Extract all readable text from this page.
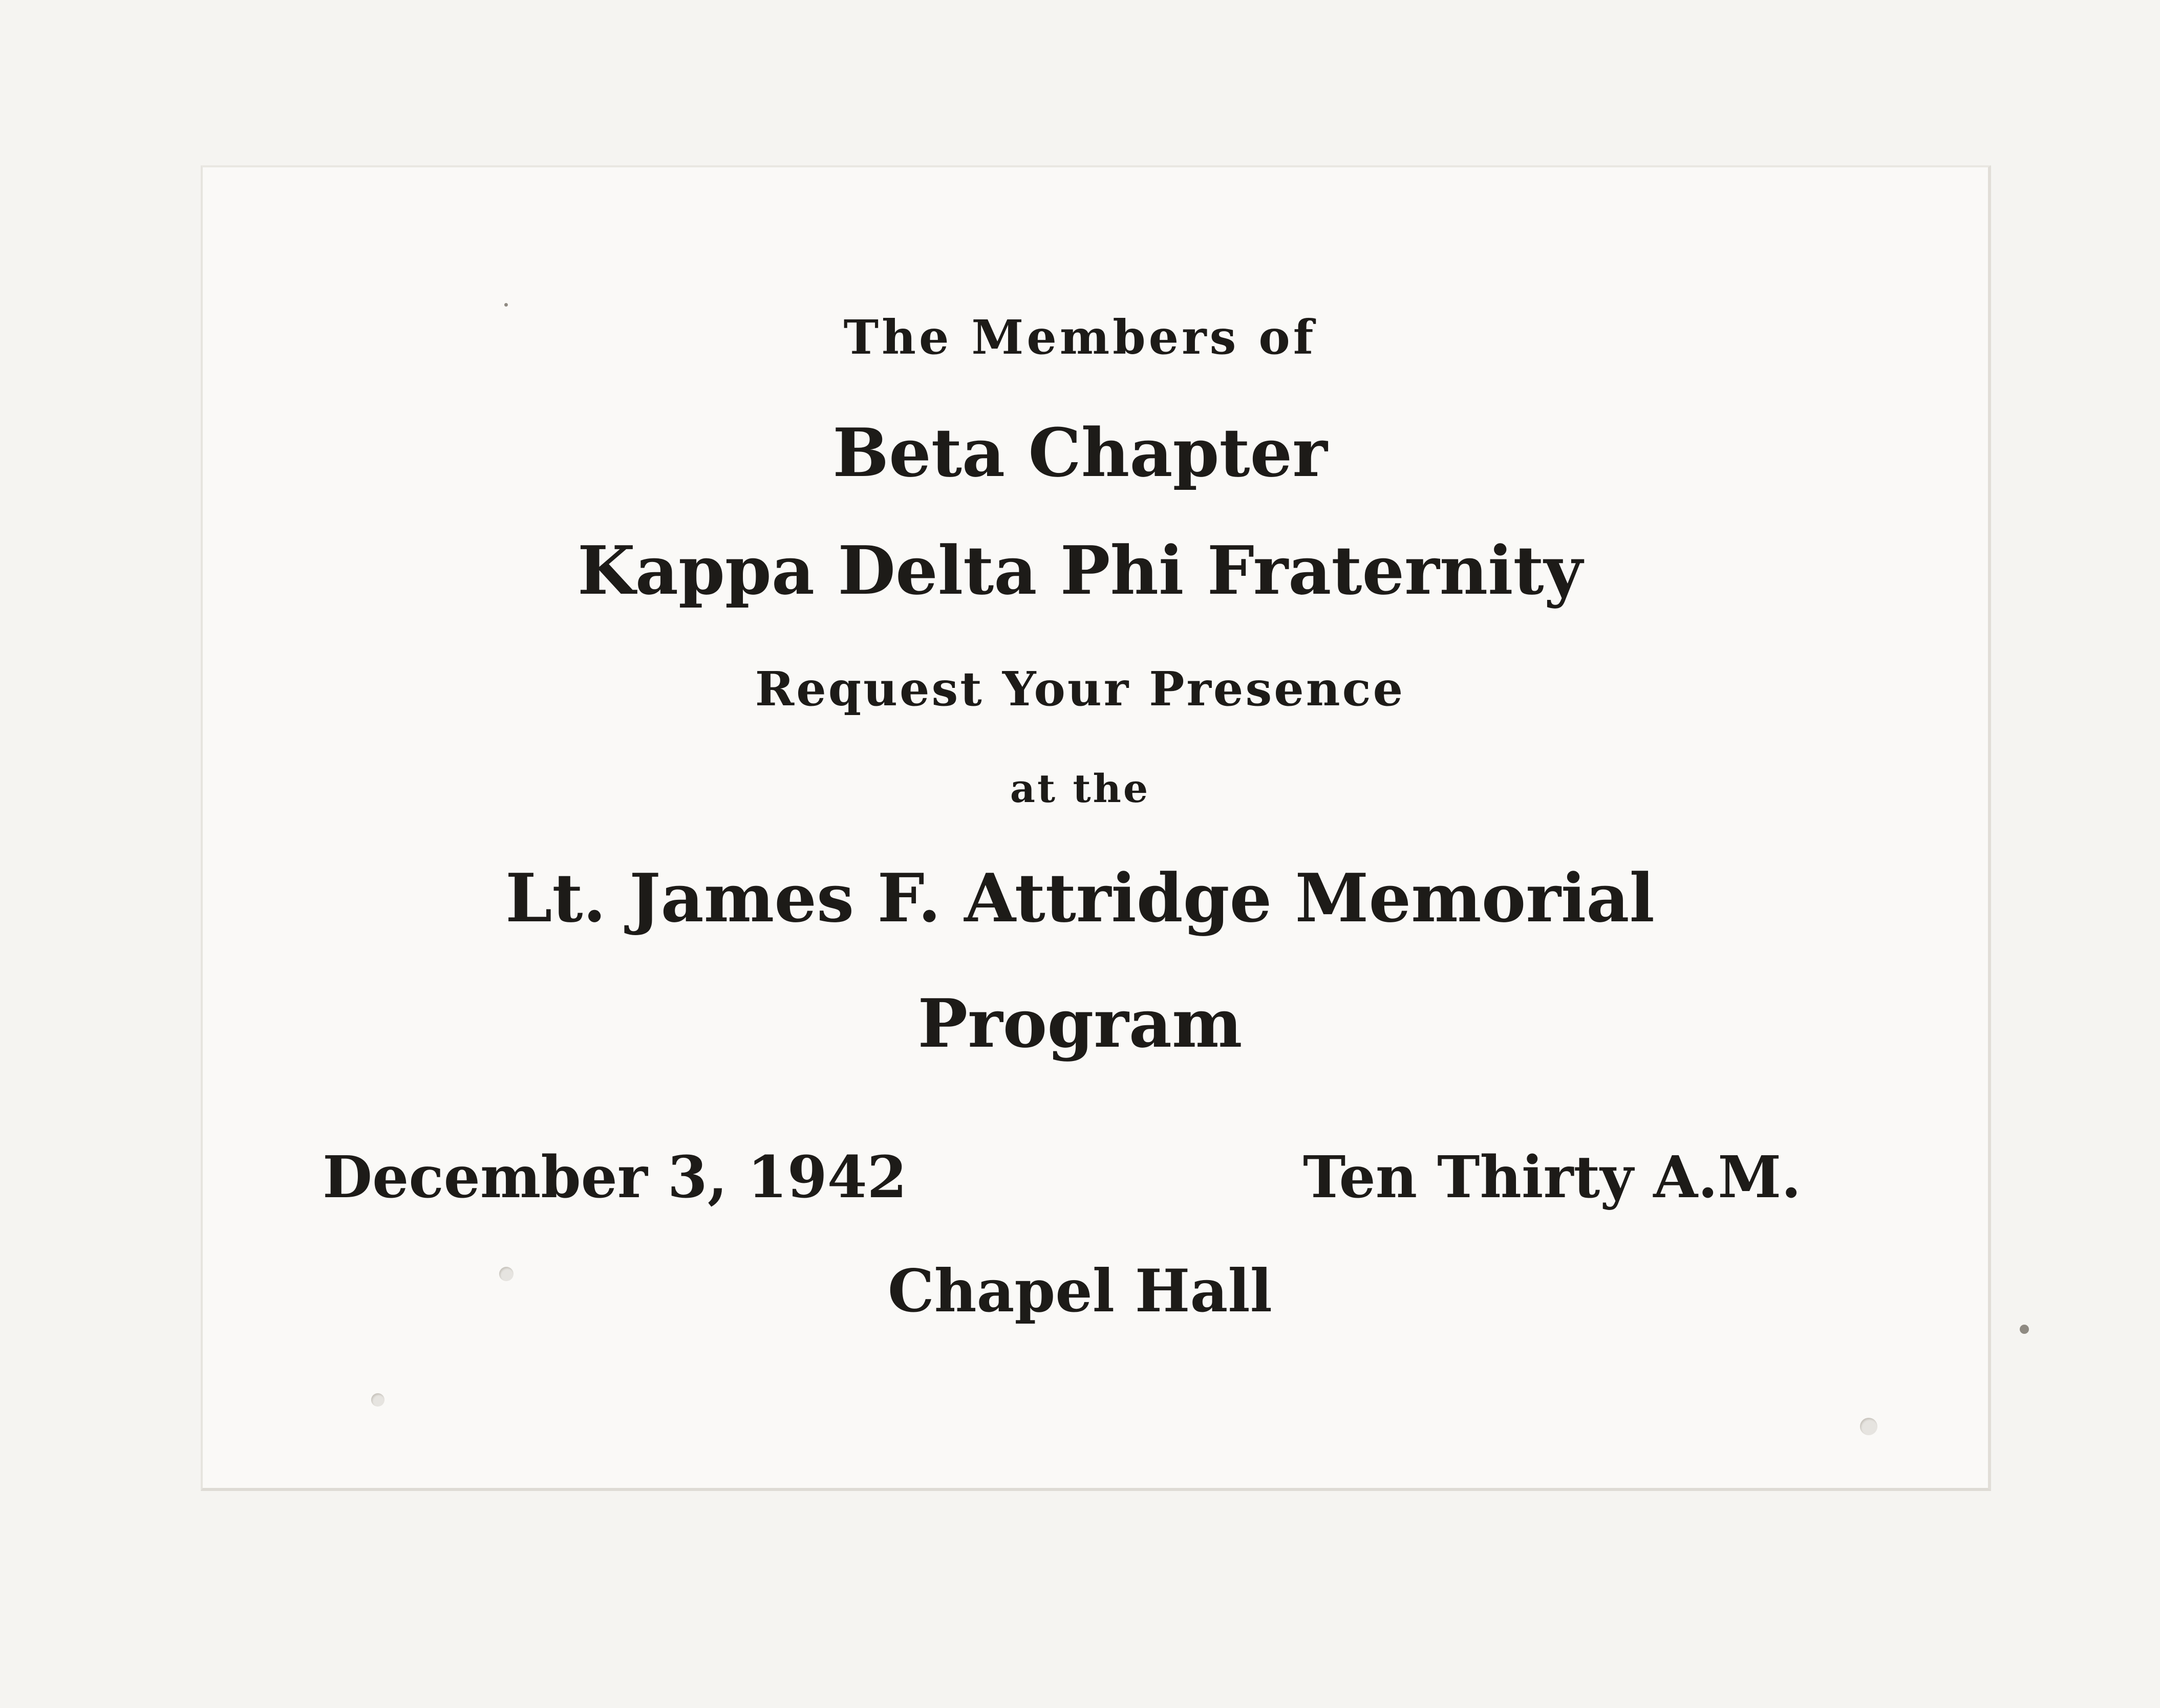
The Members of
Beta Chapter
Kappa Delta Phi Fraternity
Request Your Presence
at the
Lt. James F. Attridge Memorial
Program
December 3, 1942	Ten Thirty A.M.
Chapel Hall
